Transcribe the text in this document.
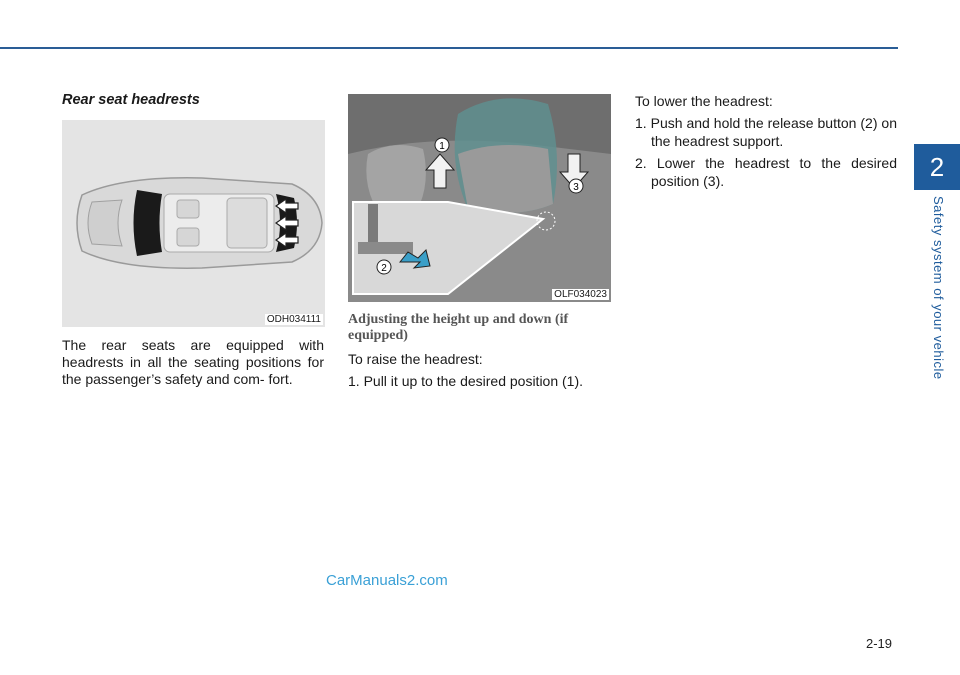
2
Safety system of your vehicle
Rear seat headrests
ODH034111

The rear seats are equipped with headrests in all the seating positions for the passenger’s safety and com- fort.

1
2
3
OLF034023
Adjusting the height up and down (if equipped)

To raise the headrest:

1. Pull it up to the desired position (1).

To lower the headrest:

1. Push and hold the release button (2) on the headrest support.

2. Lower the headrest to the desired position (3).

CarManuals2.com
2-19
